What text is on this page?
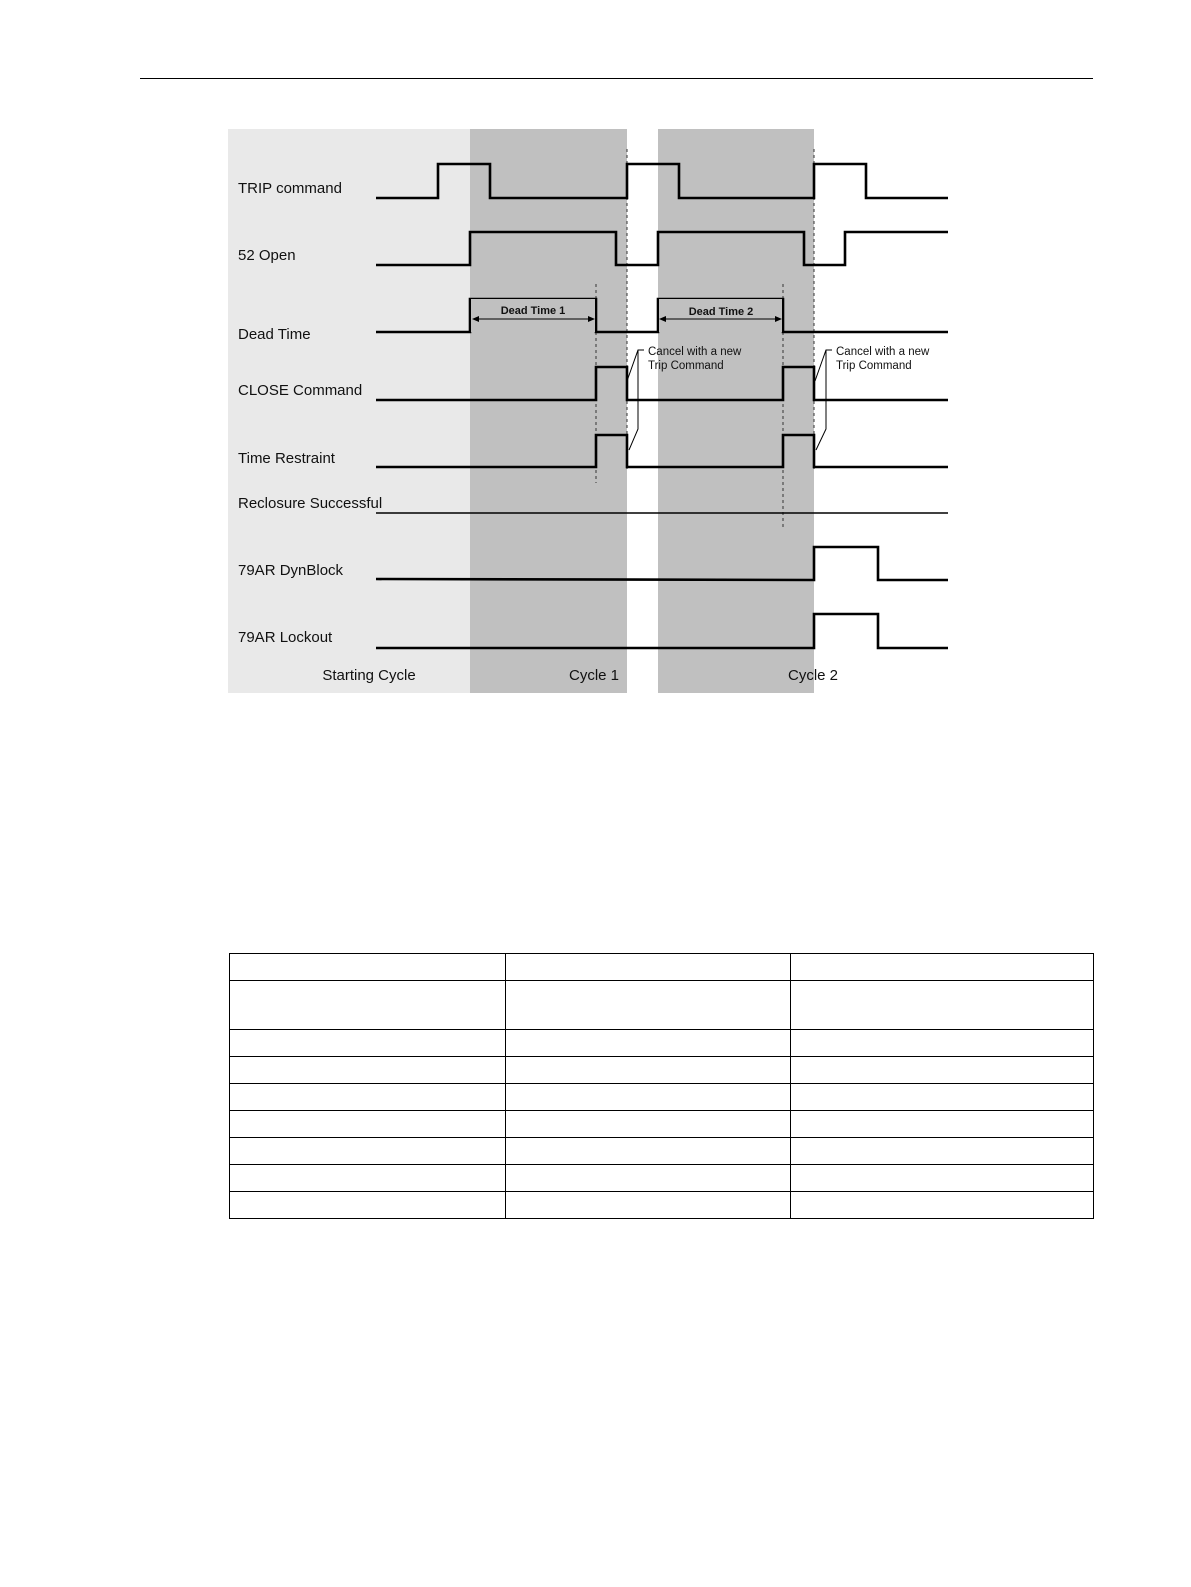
TRIP command
52 Open
Dead Time
CLOSE Command
Time Restraint
Reclosure Successful
79AR DynBlock
79AR Lockout
Dead Time 1	Dead Time 2
Cancel with a new
Trip Command
Cancel with a new
Trip Command
Starting Cycle	Cycle 1	Cycle 2
